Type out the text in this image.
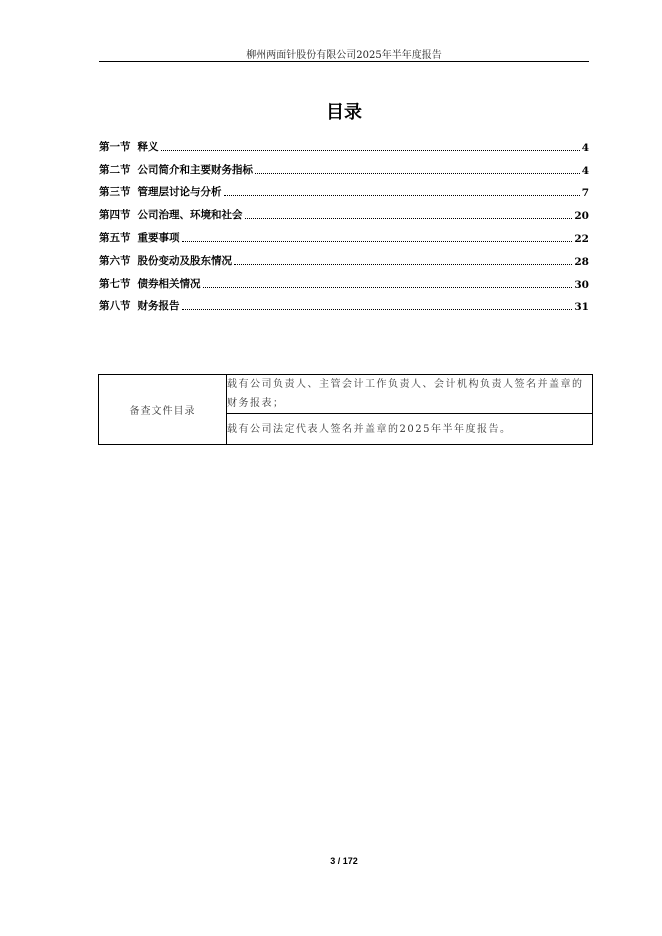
柳州两面针股份有限公司2025年半年度报告
目录
第一节 释义	4
第二节 公司简介和主要财务指标	4
第三节 管理层讨论与分析	7
第四节 公司治理、环境和社会	20
第五节 重要事项	22
第六节 股份变动及股东情况	28
第七节 债券相关情况	30
第八节 财务报告	31
备查文件目录	载有公司负责人、主管会计工作负责人、会计机构负责人签名并盖章的财务报表；
载有公司法定代表人签名并盖章的2025年半年度报告。
3 / 172
